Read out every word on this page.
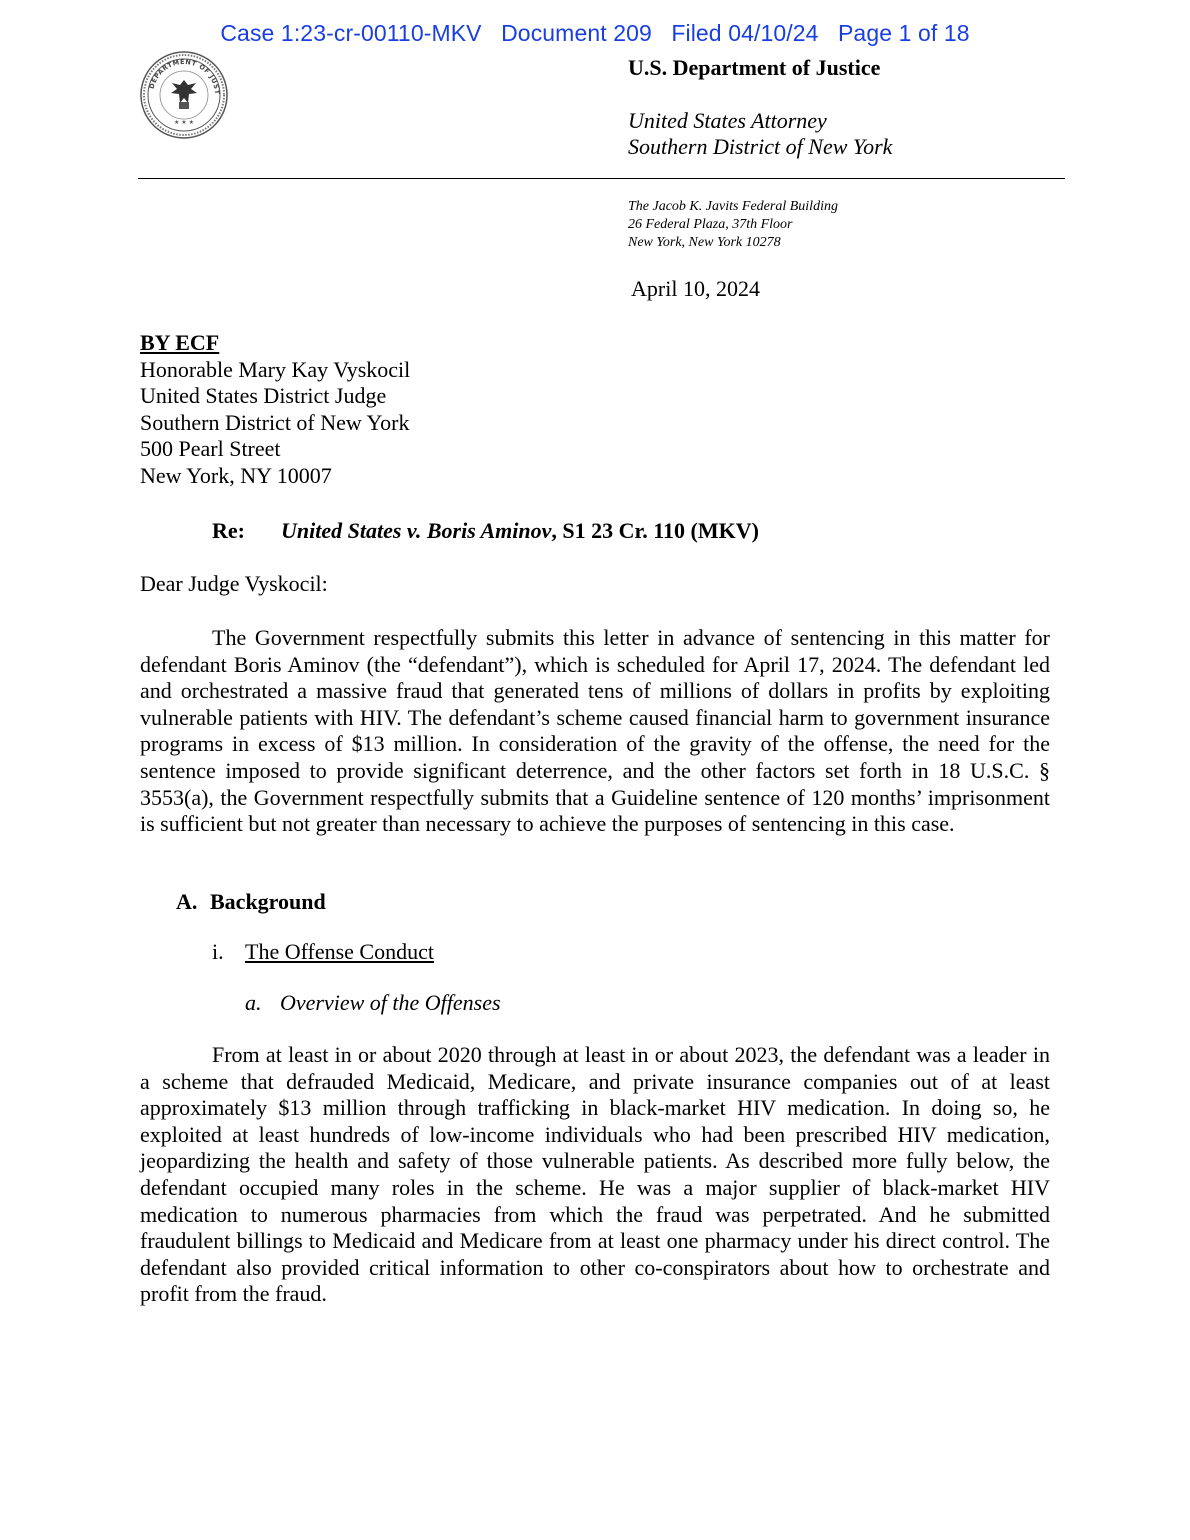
Case 1:23-cr-00110-MKV   Document 209   Filed 04/10/24   Page 1 of 18
DEPARTMENT OF JUST
★ ★ ★
U.S. Department of Justice
United States Attorney
Southern District of New York
The Jacob K. Javits Federal Building
26 Federal Plaza, 37th Floor
New York, New York 10278
April 10, 2024
BY ECF
Honorable Mary Kay Vyskocil
United States District Judge
Southern District of New York
500 Pearl Street
New York, NY 10007
Re: United States v. Boris Aminov, S1 23 Cr. 110 (MKV)
Dear Judge Vyskocil:
The Government respectfully submits this letter in advance of sentencing in this matter for defendant Boris Aminov (the “defendant”), which is scheduled for April 17, 2024. The defendant led and orchestrated a massive fraud that generated tens of millions of dollars in profits by exploiting vulnerable patients with HIV. The defendant’s scheme caused financial harm to government insurance programs in excess of $13 million. In consideration of the gravity of the offense, the need for the sentence imposed to provide significant deterrence, and the other factors set forth in 18 U.S.C. § 3553(a), the Government respectfully submits that a Guideline sentence of 120 months’ imprisonment is sufficient but not greater than necessary to achieve the purposes of sentencing in this case.
A. Background
i. The Offense Conduct
a. Overview of the Offenses
From at least in or about 2020 through at least in or about 2023, the defendant was a leader in a scheme that defrauded Medicaid, Medicare, and private insurance companies out of at least approximately $13 million through trafficking in black-market HIV medication. In doing so, he exploited at least hundreds of low-income individuals who had been prescribed HIV medication, jeopardizing the health and safety of those vulnerable patients. As described more fully below, the defendant occupied many roles in the scheme. He was a major supplier of black-market HIV medication to numerous pharmacies from which the fraud was perpetrated. And he submitted fraudulent billings to Medicaid and Medicare from at least one pharmacy under his direct control. The defendant also provided critical information to other co-conspirators about how to orchestrate and profit from the fraud.
